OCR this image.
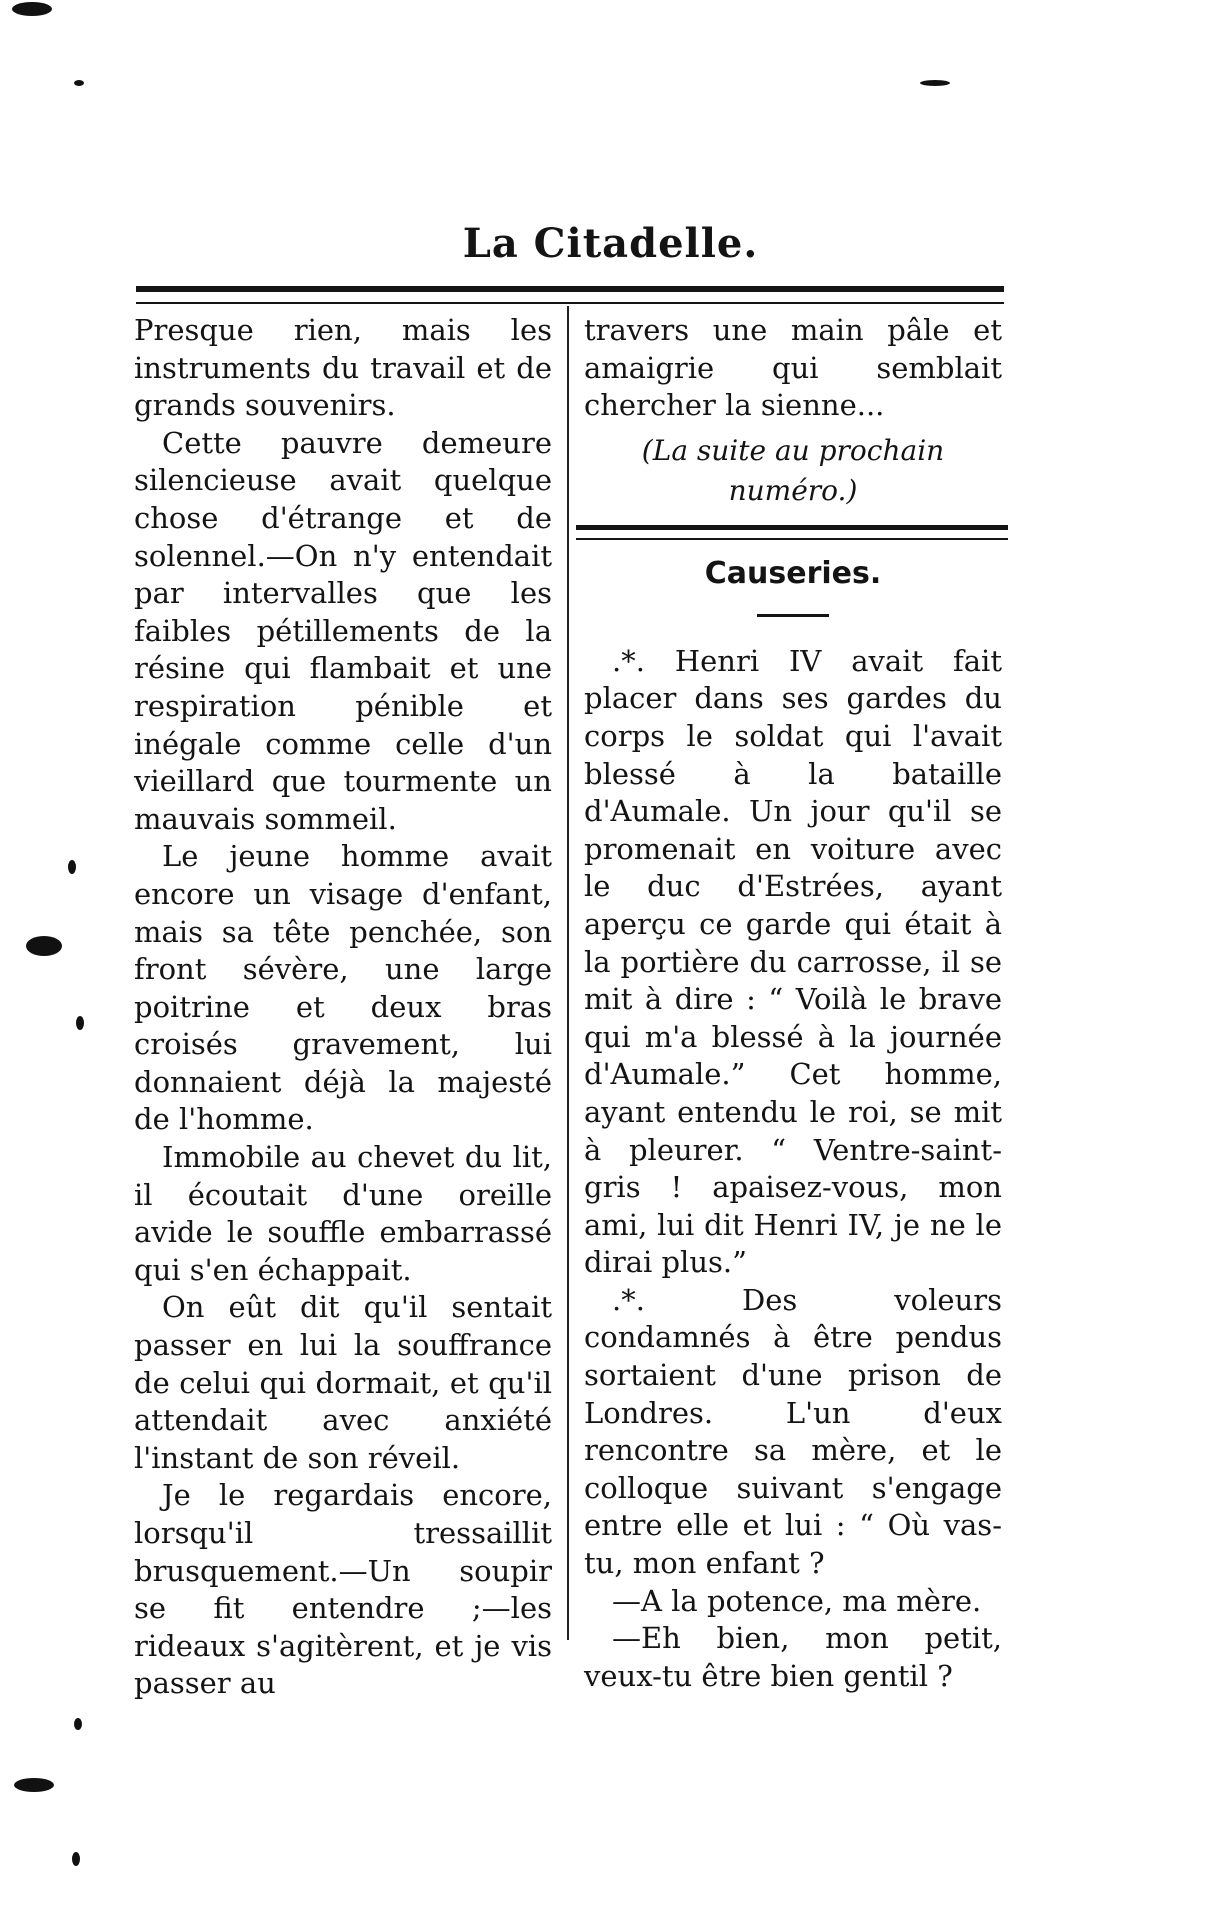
La Citadelle.

Presque rien, mais les instruments du travail et de grands souvenirs.

Cette pauvre demeure silencieuse avait quelque chose d'étrange et de solennel.—On n'y entendait par intervalles que les faibles pétillements de la résine qui flambait et une respiration pénible et inégale comme celle d'un vieillard que tourmente un mauvais sommeil.

Le jeune homme avait encore un visage d'enfant, mais sa tête penchée, son front sévère, une large poitrine et deux bras croisés gravement, lui donnaient déjà la majesté de l'homme.

Immobile au chevet du lit, il écoutait d'une oreille avide le souffle embarrassé qui s'en échappait.

On eût dit qu'il sentait passer en lui la souffrance de celui qui dormait, et qu'il attendait avec anxiété l'instant de son réveil.

Je le regardais encore, lorsqu'il tressaillit brusquement.—Un soupir se fit entendre ;—les rideaux s'agitèrent, et je vis passer au

travers une main pâle et amaigrie qui semblait chercher la sienne...

(La suite au prochain numéro.)
Causeries.

.*. Henri IV avait fait placer dans ses gardes du corps le soldat qui l'avait blessé à la bataille d'Aumale. Un jour qu'il se promenait en voiture avec le duc d'Estrées, ayant aperçu ce garde qui était à la portière du carrosse, il se mit à dire : “ Voilà le brave qui m'a blessé à la journée d'Aumale.” Cet homme, ayant entendu le roi, se mit à pleurer. “ Ventre-saint-gris ! apaisez-vous, mon ami, lui dit Henri IV, je ne le dirai plus.”

.*. Des voleurs condamnés à être pendus sortaient d'une prison de Londres. L'un d'eux rencontre sa mère, et le colloque suivant s'engage entre elle et lui : “ Où vas-tu, mon enfant ?

—A la potence, ma mère.

—Eh bien, mon petit, veux-tu être bien gentil ?
